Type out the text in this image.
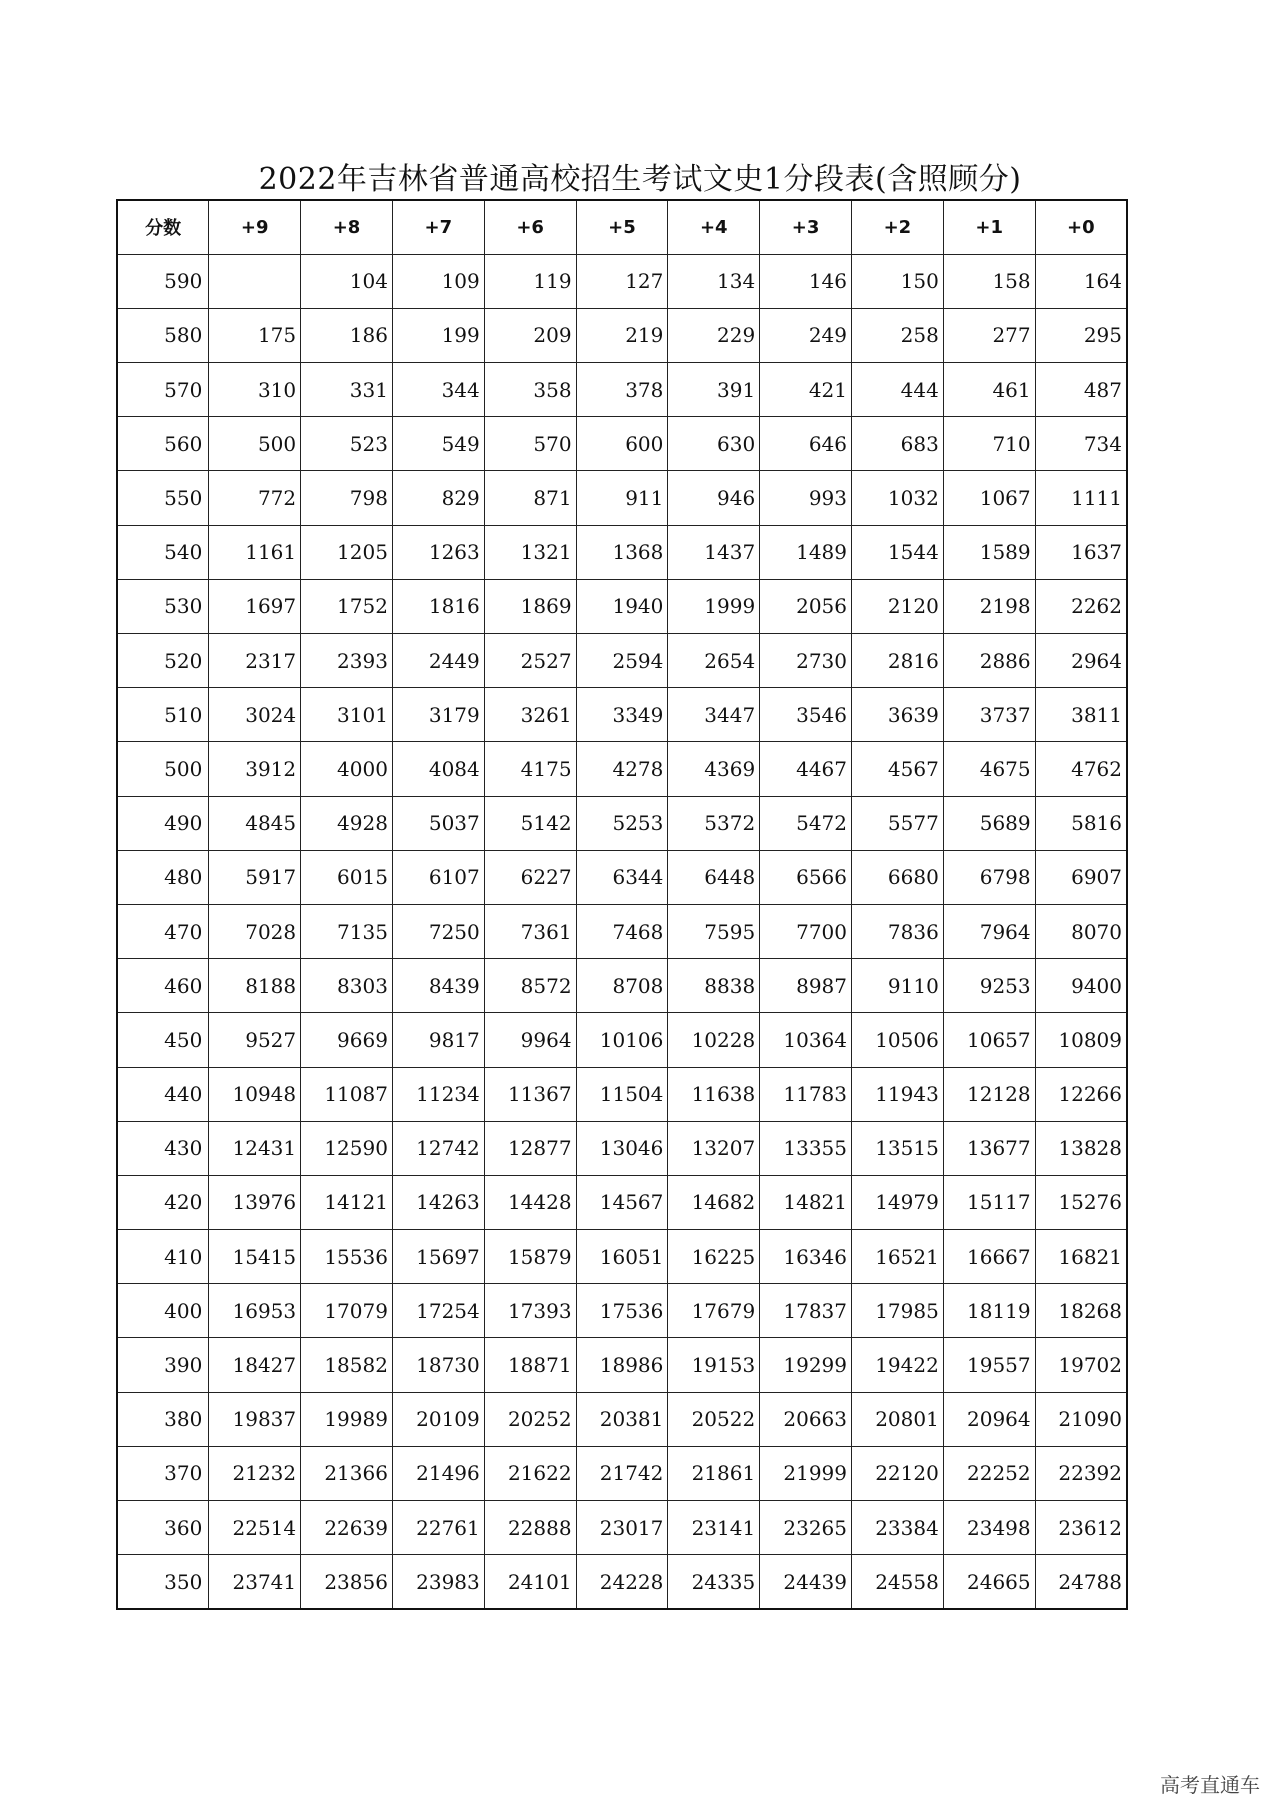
2022年吉林省普通高校招生考试文史1分段表(含照顾分)
分数	+9	+8	+7	+6	+5	+4	+3	+2	+1	+0
590		104	109	119	127	134	146	150	158	164
580	175	186	199	209	219	229	249	258	277	295
570	310	331	344	358	378	391	421	444	461	487
560	500	523	549	570	600	630	646	683	710	734
550	772	798	829	871	911	946	993	1032	1067	1111
540	1161	1205	1263	1321	1368	1437	1489	1544	1589	1637
530	1697	1752	1816	1869	1940	1999	2056	2120	2198	2262
520	2317	2393	2449	2527	2594	2654	2730	2816	2886	2964
510	3024	3101	3179	3261	3349	3447	3546	3639	3737	3811
500	3912	4000	4084	4175	4278	4369	4467	4567	4675	4762
490	4845	4928	5037	5142	5253	5372	5472	5577	5689	5816
480	5917	6015	6107	6227	6344	6448	6566	6680	6798	6907
470	7028	7135	7250	7361	7468	7595	7700	7836	7964	8070
460	8188	8303	8439	8572	8708	8838	8987	9110	9253	9400
450	9527	9669	9817	9964	10106	10228	10364	10506	10657	10809
440	10948	11087	11234	11367	11504	11638	11783	11943	12128	12266
430	12431	12590	12742	12877	13046	13207	13355	13515	13677	13828
420	13976	14121	14263	14428	14567	14682	14821	14979	15117	15276
410	15415	15536	15697	15879	16051	16225	16346	16521	16667	16821
400	16953	17079	17254	17393	17536	17679	17837	17985	18119	18268
390	18427	18582	18730	18871	18986	19153	19299	19422	19557	19702
380	19837	19989	20109	20252	20381	20522	20663	20801	20964	21090
370	21232	21366	21496	21622	21742	21861	21999	22120	22252	22392
360	22514	22639	22761	22888	23017	23141	23265	23384	23498	23612
350	23741	23856	23983	24101	24228	24335	24439	24558	24665	24788
高考直通车
